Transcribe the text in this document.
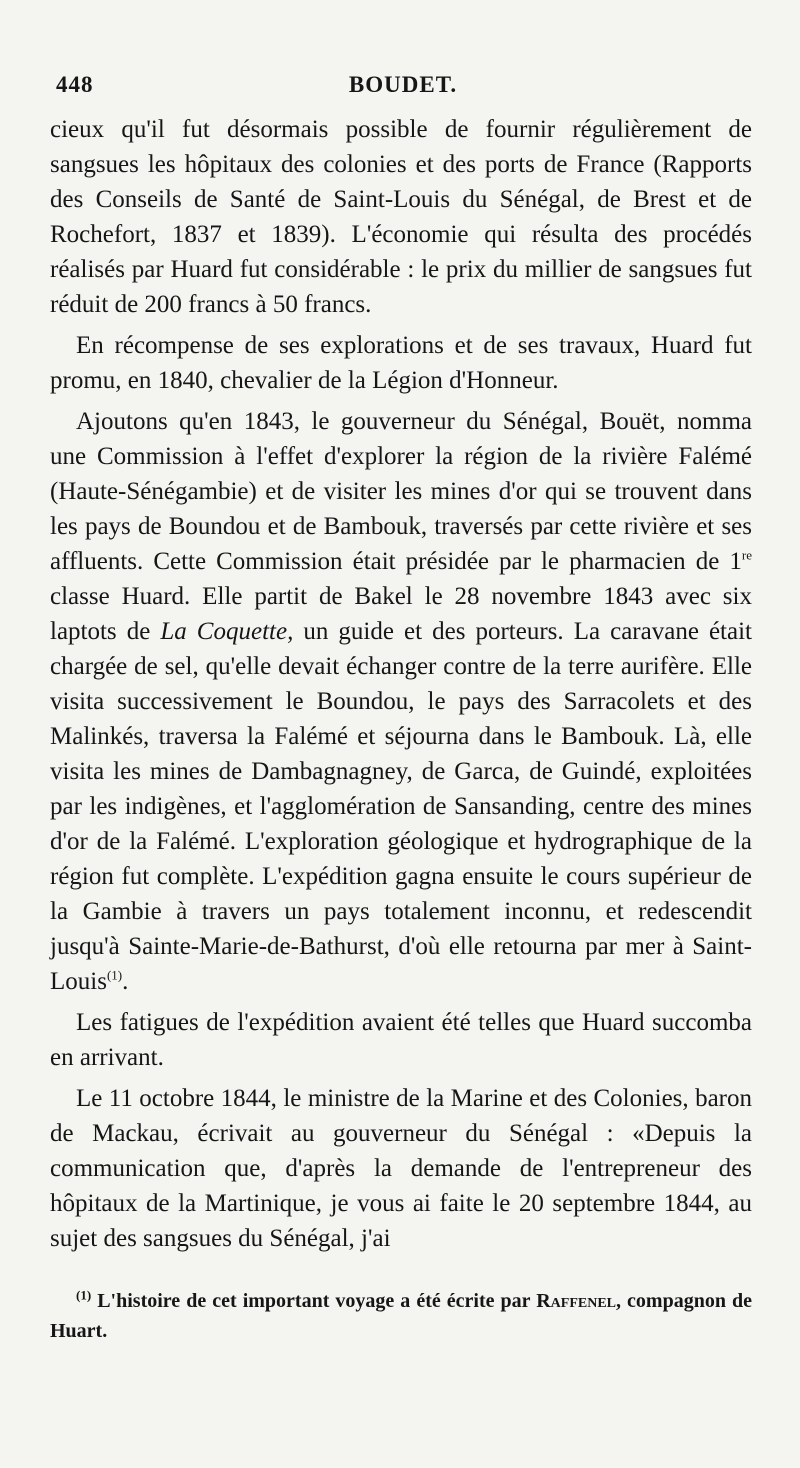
448	BOUDET.

cieux qu'il fut désormais possible de fournir régulièrement de sangsues les hôpitaux des colonies et des ports de France (Rapports des Conseils de Santé de Saint-Louis du Sénégal, de Brest et de Rochefort, 1837 et 1839). L'économie qui résulta des procédés réalisés par Huard fut considérable : le prix du millier de sangsues fut réduit de 200 francs à 50 francs.

En récompense de ses explorations et de ses travaux, Huard fut promu, en 1840, chevalier de la Légion d'Honneur.

Ajoutons qu'en 1843, le gouverneur du Sénégal, Bouët, nomma une Commission à l'effet d'explorer la région de la rivière Falémé (Haute-Sénégambie) et de visiter les mines d'or qui se trouvent dans les pays de Boundou et de Bambouk, traversés par cette rivière et ses affluents. Cette Commission était présidée par le pharmacien de 1re classe Huard. Elle partit de Bakel le 28 novembre 1843 avec six laptots de La Coquette, un guide et des porteurs. La caravane était chargée de sel, qu'elle devait échanger contre de la terre aurifère. Elle visita successivement le Boundou, le pays des Sarracolets et des Malinkés, traversa la Falémé et séjourna dans le Bambouk. Là, elle visita les mines de Dambagnagney, de Garca, de Guindé, exploitées par les indigènes, et l'agglomération de Sansanding, centre des mines d'or de la Falémé. L'exploration géologique et hydrographique de la région fut complète. L'expédition gagna ensuite le cours supérieur de la Gambie à travers un pays totalement inconnu, et redescendit jusqu'à Sainte-Marie-de-Bathurst, d'où elle retourna par mer à Saint-Louis$^{(1)}$.

Les fatigues de l'expédition avaient été telles que Huard succomba en arrivant.

Le 11 octobre 1844, le ministre de la Marine et des Colonies, baron de Mackau, écrivait au gouverneur du Sénégal : «Depuis la communication que, d'après la demande de l'entrepreneur des hôpitaux de la Martinique, je vous ai faite le 20 septembre 1844, au sujet des sangsues du Sénégal, j'ai

$^{(1)}$ L'histoire de cet important voyage a été écrite par Raffenel, compagnon de Huart.
